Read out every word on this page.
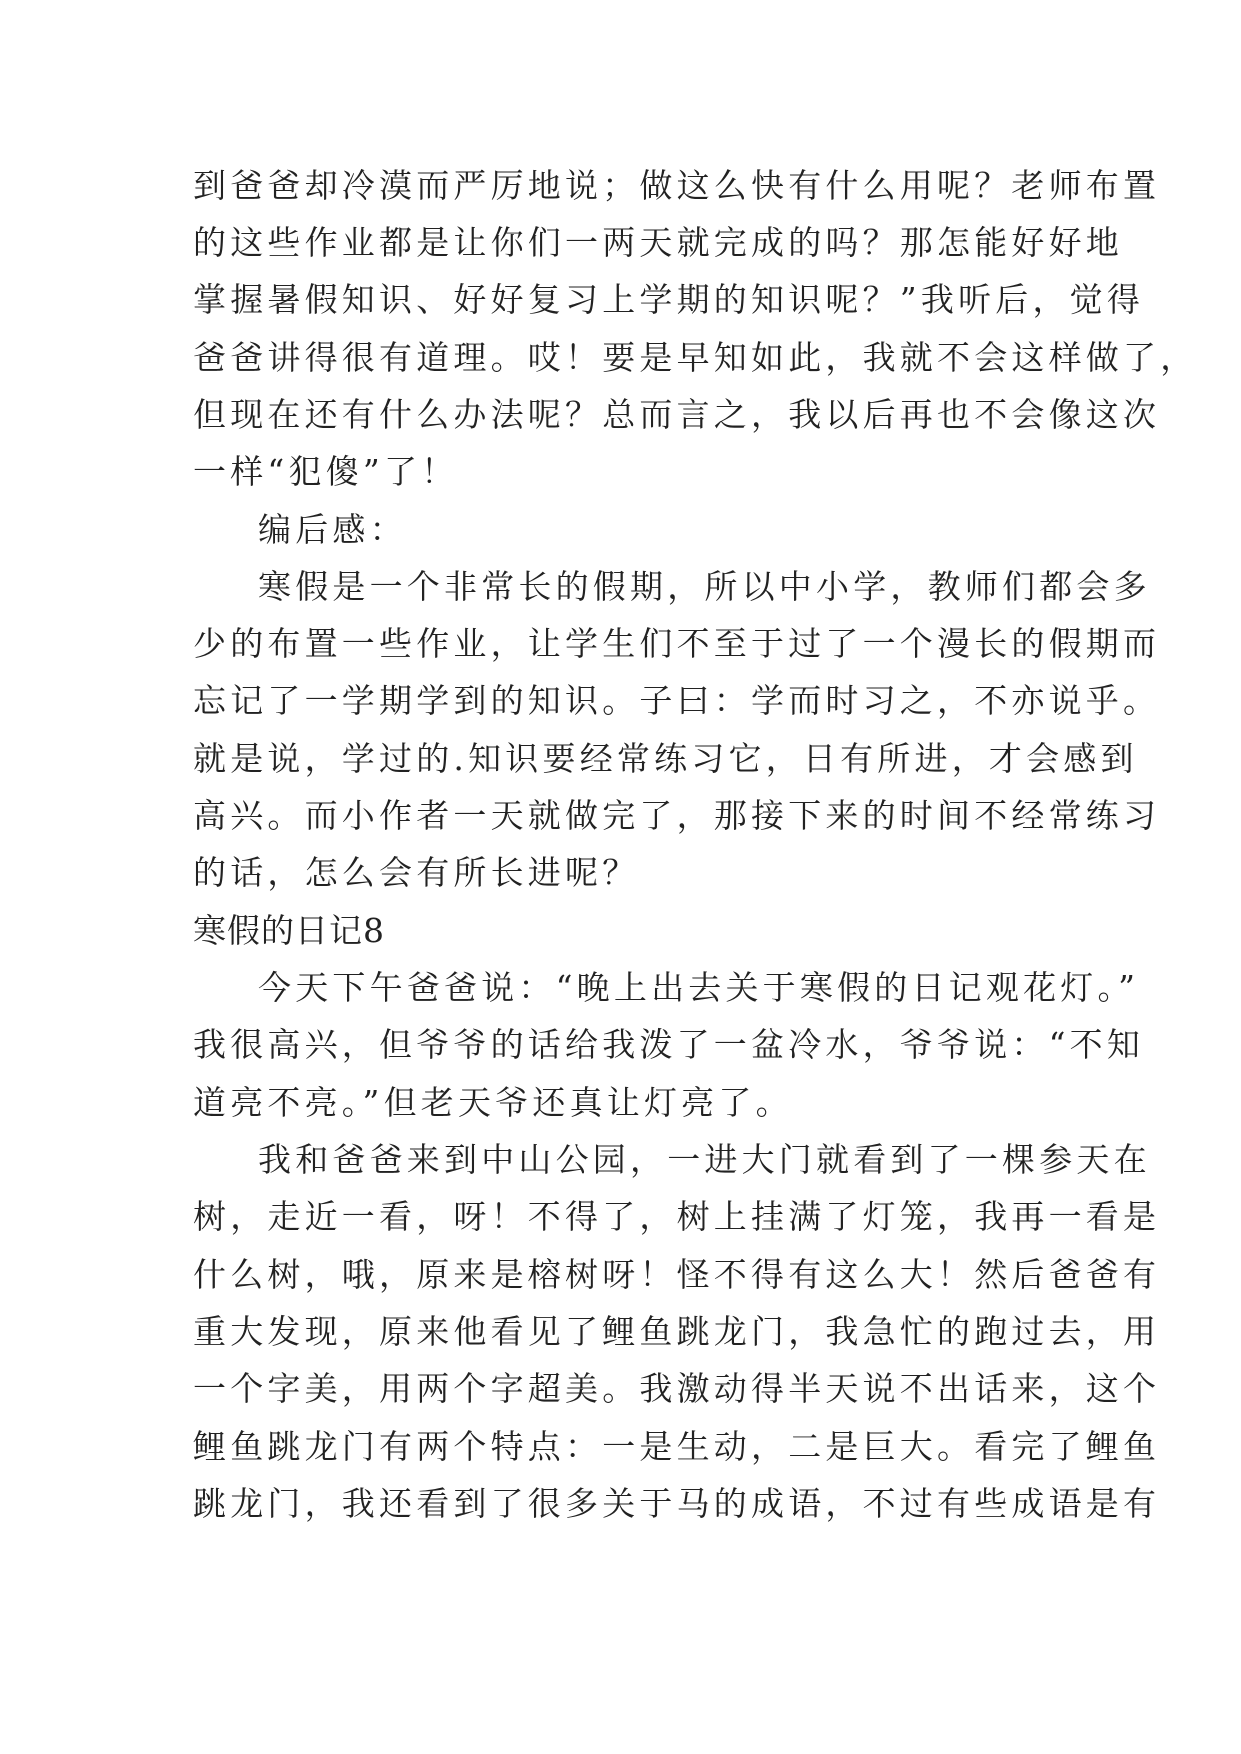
到爸爸却冷漠而严厉地说；做这么快有什么用呢？老师布置
的这些作业都是让你们一两天就完成的吗？那怎能好好地
掌握暑假知识、好好复习上学期的知识呢？”我听后，觉得
爸爸讲得很有道理。哎！要是早知如此，我就不会这样做了，
但现在还有什么办法呢？总而言之，我以后再也不会像这次
一样“犯傻”了！
编后感：
寒假是一个非常长的假期，所以中小学，教师们都会多
少的布置一些作业，让学生们不至于过了一个漫长的假期而
忘记了一学期学到的知识。子曰：学而时习之，不亦说乎。
就是说，学过的.知识要经常练习它，日有所进，才会感到
高兴。而小作者一天就做完了，那接下来的时间不经常练习
的话，怎么会有所长进呢？
寒假的日记8
今天下午爸爸说：“晚上出去关于寒假的日记观花灯。”
我很高兴，但爷爷的话给我泼了一盆冷水，爷爷说：“不知
道亮不亮。”但老天爷还真让灯亮了。
我和爸爸来到中山公园，一进大门就看到了一棵参天在
树，走近一看，呀！不得了，树上挂满了灯笼，我再一看是
什么树，哦，原来是榕树呀！怪不得有这么大！然后爸爸有
重大发现，原来他看见了鲤鱼跳龙门，我急忙的跑过去，用
一个字美，用两个字超美。我激动得半天说不出话来，这个
鲤鱼跳龙门有两个特点：一是生动，二是巨大。看完了鲤鱼
跳龙门，我还看到了很多关于马的成语，不过有些成语是有
